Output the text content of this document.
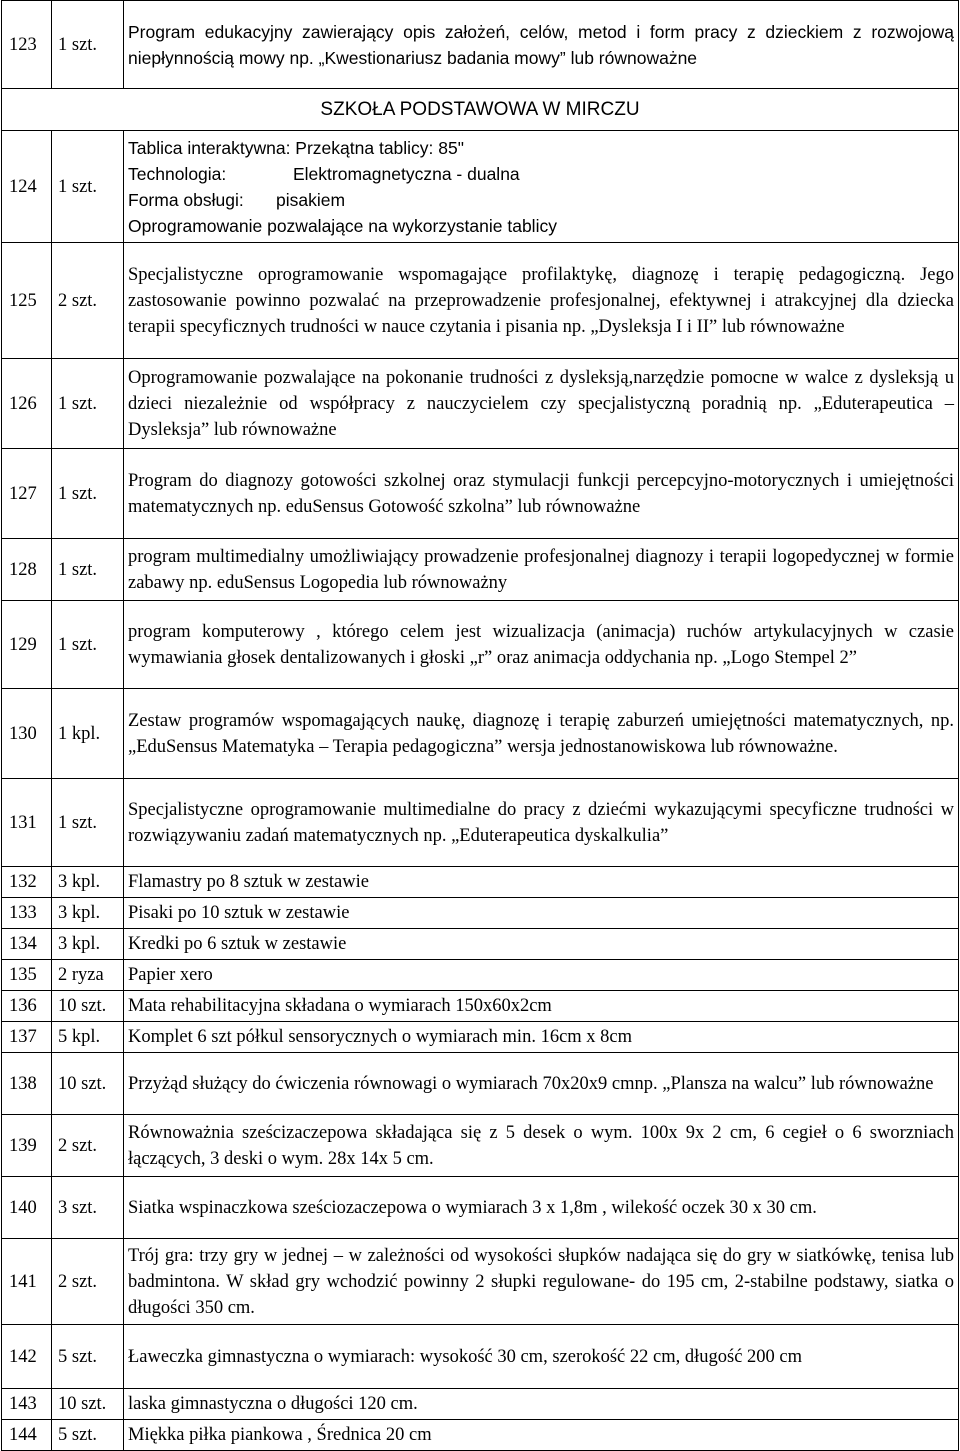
123	1 szt.	Program edukacyjny zawierający opis założeń, celów, metod i form pracy z dzieckiem z rozwojową niepłynnością mowy np. „Kwestionariusz badania mowy” lub równoważne
SZKOŁA PODSTAWOWA W MIRCZU		
124	1 szt.	Tablica interaktywna: Przekątna tablicy: 85"
Technologia: Elektromagnetyczna - dualna
Forma obsługi: pisakiem
Oprogramowanie pozwalające na wykorzystanie tablicy

125	2 szt.	Specjalistyczne oprogramowanie wspomagające profilaktykę, diagnozę i terapię pedagogiczną. Jego zastosowanie powinno pozwalać na przeprowadzenie profesjonalnej, efektywnej i atrakcyjnej dla dziecka terapii specyficznych trudności w nauce czytania i pisania np. „Dysleksja I i II” lub równoważne
126	1 szt.	Oprogramowanie pozwalające na pokonanie trudności z dysleksją,narzędzie pomocne w walce z dysleksją u dzieci niezależnie od współpracy z nauczycielem czy specjalistyczną poradnią np. „Eduterapeutica – Dysleksja” lub równoważne
127	1 szt.	Program do diagnozy gotowości szkolnej oraz stymulacji funkcji percepcyjno-motorycznych i umiejętności matematycznych np. eduSensus Gotowość szkolna” lub równoważne
128	1 szt.	program multimedialny umożliwiający prowadzenie profesjonalnej diagnozy i terapii logopedycznej w formie zabawy np. eduSensus Logopedia lub równoważny
129	1 szt.	program komputerowy , którego celem jest wizualizacja (animacja) ruchów artykulacyjnych w czasie wymawiania głosek dentalizowanych i głoski „r” oraz animacja oddychania np. „Logo Stempel 2”
130	1 kpl.	Zestaw programów wspomagających naukę, diagnozę i terapię zaburzeń umiejętności matematycznych, np. „EduSensus Matematyka – Terapia pedagogiczna” wersja jednostanowiskowa lub równoważne.
131	1 szt.	Specjalistyczne oprogramowanie multimedialne do pracy z dziećmi wykazującymi specyficzne trudności w rozwiązywaniu zadań matematycznych np. „Eduterapeutica dyskalkulia”
132	3 kpl.	Flamastry po 8 sztuk w zestawie
133	3 kpl.	Pisaki po 10 sztuk w zestawie
134	3 kpl.	Kredki po 6 sztuk w zestawie
135	2 ryza	Papier xero
136	10 szt.	Mata rehabilitacyjna składana o wymiarach 150x60x2cm
137	5 kpl.	Komplet 6 szt półkul sensorycznych o wymiarach min. 16cm x 8cm
138	10 szt.	Przyżąd służący do ćwiczenia równowagi o wymiarach 70x20x9 cmnp. „Plansza na walcu” lub równoważne
139	2 szt.	Równoważnia sześcizaczepowa składająca się z 5 desek o wym. 100x 9x 2 cm, 6 cegieł o 6 sworzniach łączących, 3 deski o wym. 28x 14x 5 cm.
140	3 szt.	Siatka wspinaczkowa sześciozaczepowa o wymiarach 3 x 1,8m , wilekość oczek 30 x 30 cm.
141	2 szt.	Trój gra: trzy gry w jednej – w zależności od wysokości słupków nadająca się do gry w siatkówkę, tenisa lub badmintona. W skład gry wchodzić powinny 2 słupki regulowane- do 195 cm, 2-stabilne podstawy, siatka o długości 350 cm.
142	5 szt.	Ławeczka gimnastyczna o wymiarach: wysokość 30 cm, szerokość 22 cm, długość 200 cm
143	10 szt.	laska gimnastyczna o długości 120 cm.
144	5 szt.	Miękka piłka piankowa , Średnica 20 cm
